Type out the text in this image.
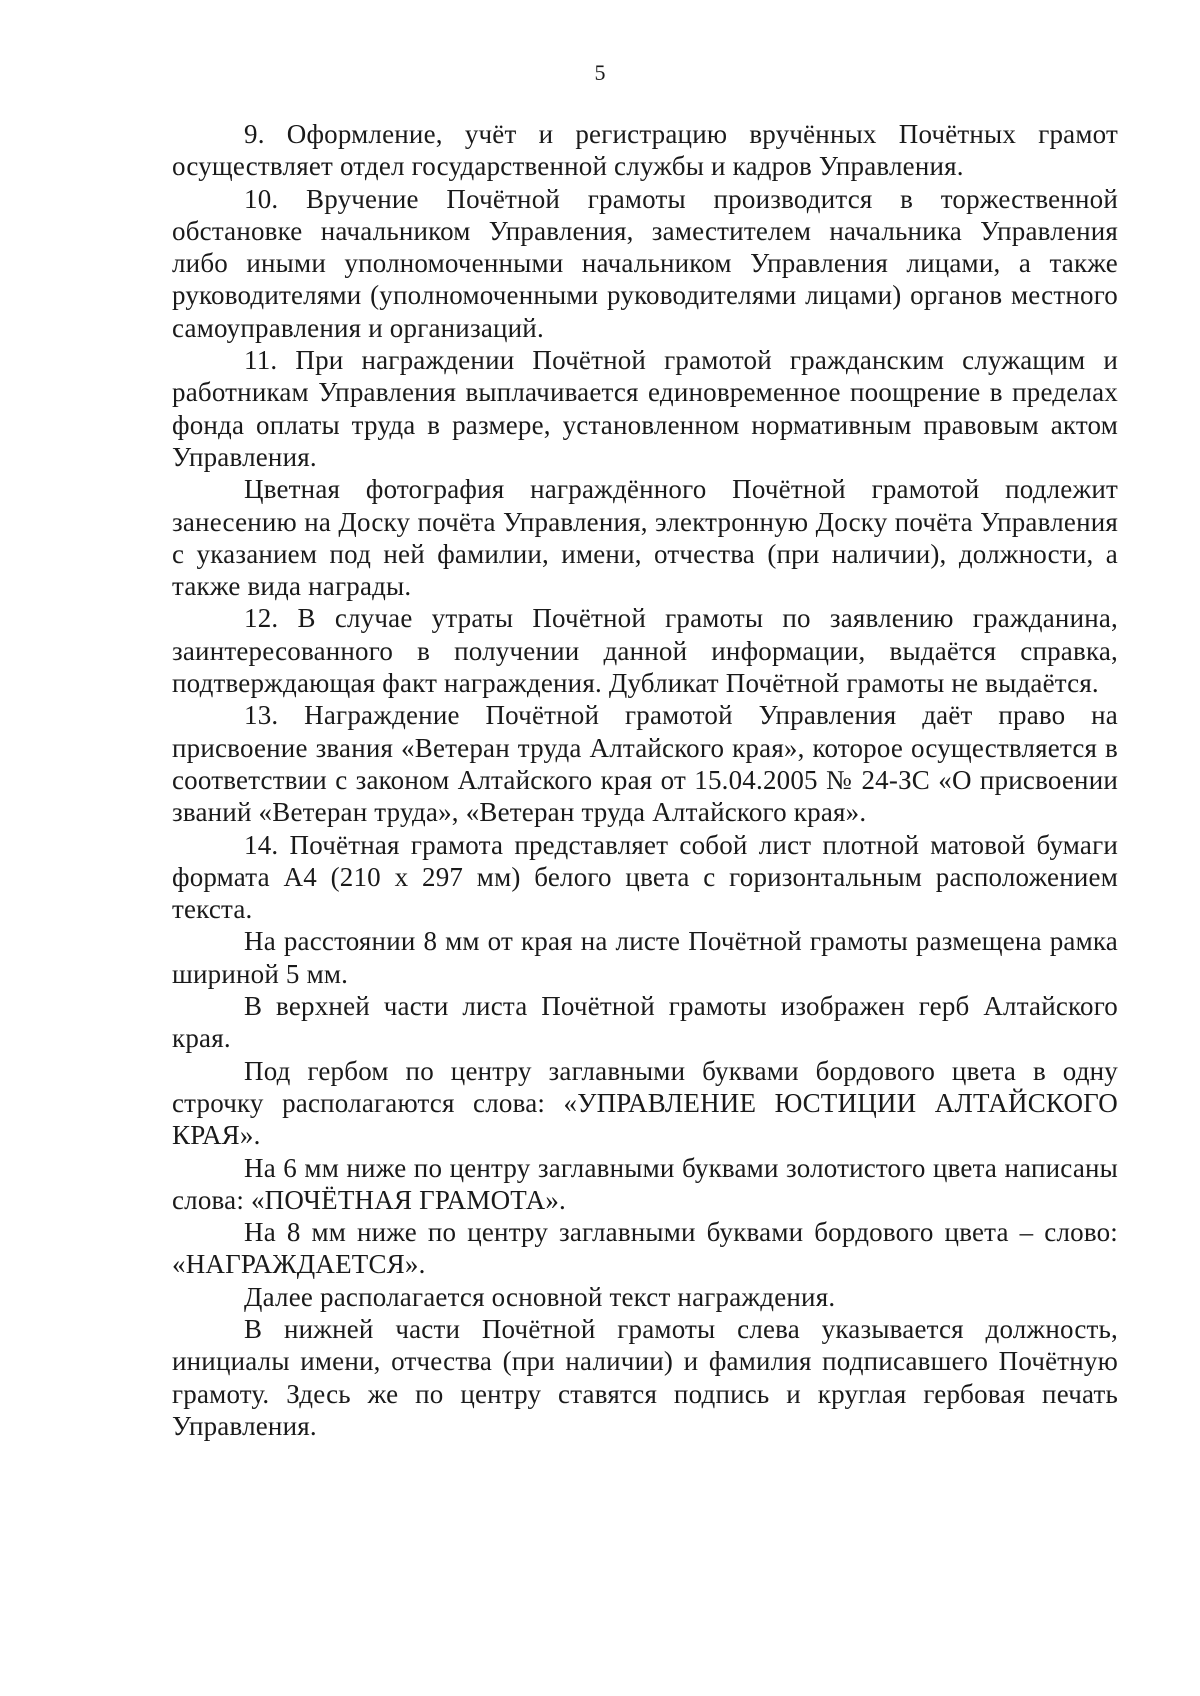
5

9. Оформление, учёт и регистрацию вручённых Почётных грамот осуществляет отдел государственной службы и кадров Управления.

10. Вручение Почётной грамоты производится в торжественной обстановке начальником Управления, заместителем начальника Управления либо иными уполномоченными начальником Управления лицами, а также руководителями (уполномоченными руководителями лицами) органов местного самоуправления и организаций.

11. При награждении Почётной грамотой гражданским служащим и работникам Управления выплачивается единовременное поощрение в пределах фонда оплаты труда в размере, установленном нормативным правовым актом Управления.

Цветная фотография награждённого Почётной грамотой подлежит занесению на Доску почёта Управления, электронную Доску почёта Управления с указанием под ней фамилии, имени, отчества (при наличии), должности, а также вида награды.

12. В случае утраты Почётной грамоты по заявлению гражданина, заинтересованного в получении данной информации, выдаётся справка, подтверждающая факт награждения. Дубликат Почётной грамоты не выдаётся.

13. Награждение Почётной грамотой Управления даёт право на присвоение звания «Ветеран труда Алтайского края», которое осуществляется в соответствии с законом Алтайского края от 15.04.2005 № 24-ЗС «О присвоении званий «Ветеран труда», «Ветеран труда Алтайского края».

14. Почётная грамота представляет собой лист плотной матовой бумаги формата А4 (210 х 297 мм) белого цвета с горизонтальным расположением текста.

На расстоянии 8 мм от края на листе Почётной грамоты размещена рамка шириной 5 мм.

В верхней части листа Почётной грамоты изображен герб Алтайского края.

Под гербом по центру заглавными буквами бордового цвета в одну строчку располагаются слова: «УПРАВЛЕНИЕ ЮСТИЦИИ АЛТАЙСКОГО КРАЯ».

На 6 мм ниже по центру заглавными буквами золотистого цвета написаны слова: «ПОЧЁТНАЯ ГРАМОТА».

На 8 мм ниже по центру заглавными буквами бордового цвета – слово: «НАГРАЖДАЕТСЯ».

Далее располагается основной текст награждения.

В нижней части Почётной грамоты слева указывается должность, инициалы имени, отчества (при наличии) и фамилия подписавшего Почётную грамоту. Здесь же по центру ставятся подпись и круглая гербовая печать Управления.
